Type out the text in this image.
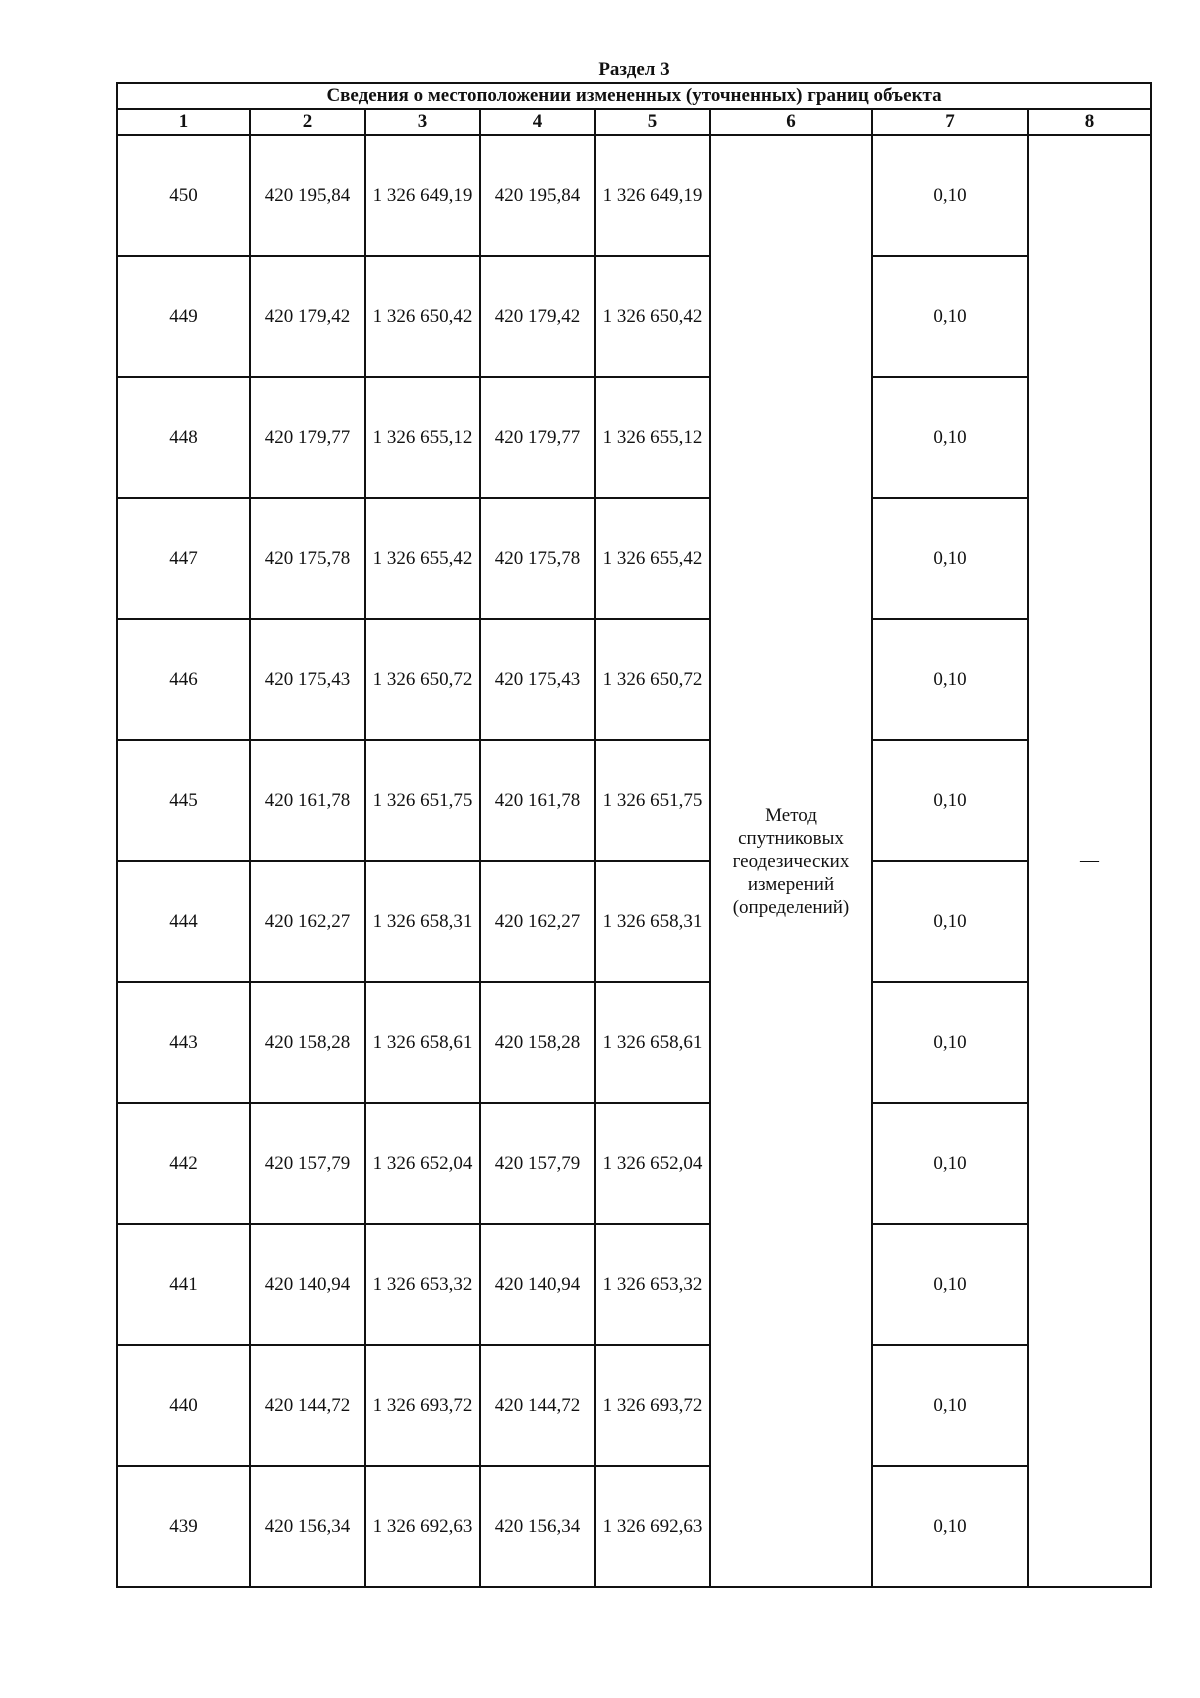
Раздел 3
Сведения о местоположении измененных (уточненных) границ объекта							
1	2	3	4	5	6	7	8
450	420 195,84	1 326 649,19	420 195,84	1 326 649,19	Метод спутниковых геодезических измерений (определений)	0,10	—
449	420 179,42	1 326 650,42	420 179,42	1 326 650,42		0,10	
448	420 179,77	1 326 655,12	420 179,77	1 326 655,12		0,10	
447	420 175,78	1 326 655,42	420 175,78	1 326 655,42		0,10	
446	420 175,43	1 326 650,72	420 175,43	1 326 650,72		0,10	
445	420 161,78	1 326 651,75	420 161,78	1 326 651,75		0,10	
444	420 162,27	1 326 658,31	420 162,27	1 326 658,31		0,10	
443	420 158,28	1 326 658,61	420 158,28	1 326 658,61		0,10	
442	420 157,79	1 326 652,04	420 157,79	1 326 652,04		0,10	
441	420 140,94	1 326 653,32	420 140,94	1 326 653,32		0,10	
440	420 144,72	1 326 693,72	420 144,72	1 326 693,72		0,10	
439	420 156,34	1 326 692,63	420 156,34	1 326 692,63		0,10	
